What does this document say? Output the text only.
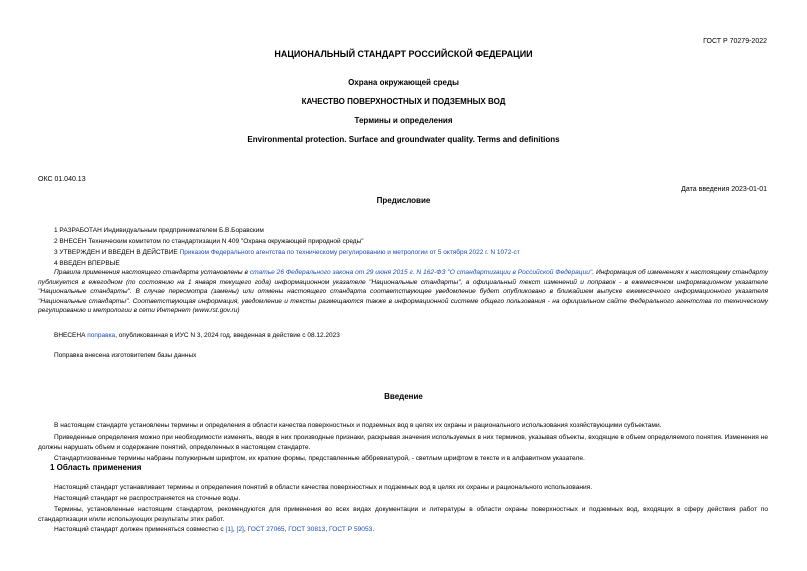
ГОСТ Р 70279-2022
НАЦИОНАЛЬНЫЙ СТАНДАРТ РОССИЙСКОЙ ФЕДЕРАЦИИ
Охрана окружающей среды
КАЧЕСТВО ПОВЕРХНОСТНЫХ И ПОДЗЕМНЫХ ВОД
Термины и определения
Environmental protection. Surface and groundwater quality. Terms and definitions
ОКС 01.040.13
Дата введения 2023-01-01
Предисловие
1 РАЗРАБОТАН Индивидуальным предпринимателем Б.В.Боравским
2 ВНЕСЕН Техническим комитетом по стандартизации N 409 "Охрана окружающей природной среды"
3 УТВЕРЖДЕН И ВВЕДЕН В ДЕЙСТВИЕ Приказом Федерального агентства по техническому регулированию и метрологии от 5 октября 2022 г. N 1072-ст
4 ВВЕДЕН ВПЕРВЫЕ
Правила применения настоящего стандарта установлены в статье 26 Федерального закона от 29 июня 2015 г. N 162-ФЗ "О стандартизации в Российской Федерации". Информация об изменениях к настоящему стандарту публикуется в ежегодном (по состоянию на 1 января текущего года) информационном указателе "Национальные стандарты", а официальный текст изменений и поправок - в ежемесячном информационном указателе "Национальные стандарты". В случае пересмотра (замены) или отмены настоящего стандарта соответствующее уведомление будет опубликовано в ближайшем выпуске ежемесячного информационного указателя "Национальные стандарты". Соответствующая информация, уведомление и тексты размещаются также в информационной системе общего пользования - на официальном сайте Федерального агентства по техническому регулированию и метрологии в сети Интернет (www.rst.gov.ru)
ВНЕСЕНА поправка, опубликованная в ИУС N 3, 2024 год, введенная в действие с 08.12.2023
Поправка внесена изготовителем базы данных
Введение
В настоящем стандарте установлены термины и определения в области качества поверхностных и подземных вод в целях их охраны и рационального использования хозяйствующими субъектами.
Приведенные определения можно при необходимости изменять, вводя в них производные признаки, раскрывая значения используемых в них терминов, указывая объекты, входящие в объем определяемого понятия. Изменения не должны нарушать объем и содержание понятий, определенных в настоящем стандарте.
Стандартизованные термины набраны полужирным шрифтом, их краткие формы, представленные аббревиатурой, - светлым шрифтом в тексте и в алфавитном указателе.
1 Область применения
Настоящий стандарт устанавливает термины и определения понятий в области качества поверхностных и подземных вод в целях их охраны и рационального использования.
Настоящий стандарт не распространяется на сточные воды.
Термины, установленные настоящим стандартом, рекомендуются для применения во всех видах документации и литературы в области охраны поверхностных и подземных вод, входящих в сферу действия работ по стандартизации и/или использующих результаты этих работ.
Настоящий стандарт должен применяться совместно с [1], [2], ГОСТ 27065, ГОСТ 30813, ГОСТ Р 59053.
